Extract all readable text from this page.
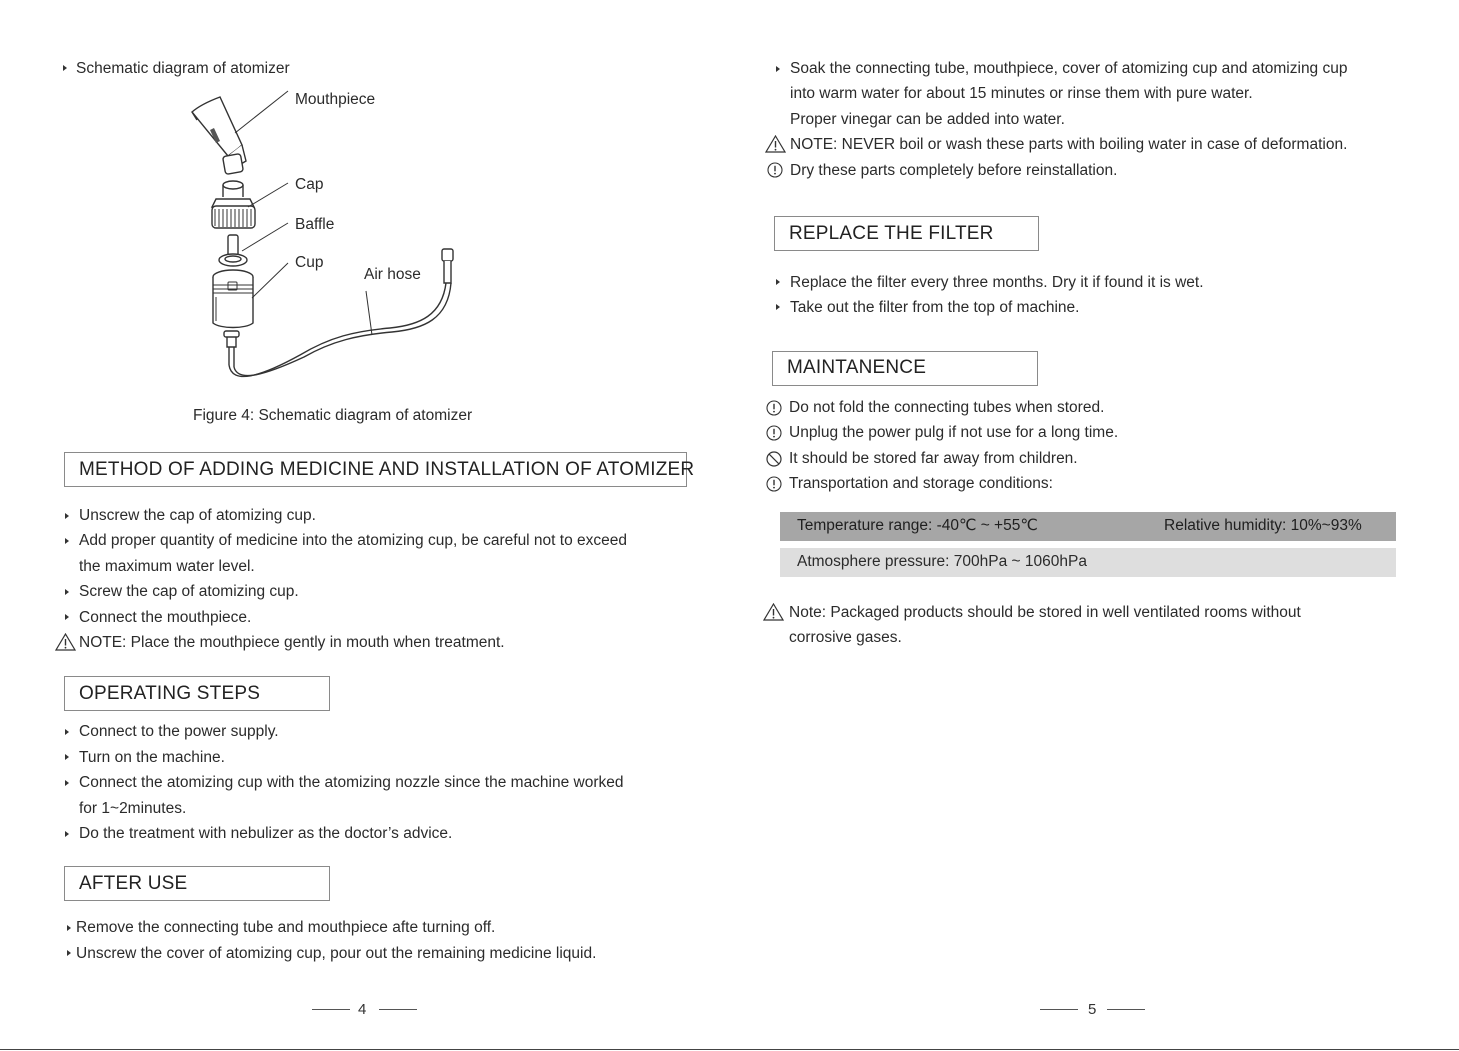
Schematic diagram of atomizer
Mouthpiece
Cap
Baffle
Cup
Air hose
Figure 4: Schematic diagram of atomizer
METHOD OF ADDING MEDICINE AND INSTALLATION OF ATOMIZER
Unscrew the cap of atomizing cup.
Add proper quantity of medicine into the atomizing cup, be careful not to exceed
the maximum water level.
Screw the cap of atomizing cup.
Connect the mouthpiece.
NOTE: Place the mouthpiece gently in mouth when treatment.
OPERATING STEPS
Connect to the power supply.
Turn on the machine.
Connect the atomizing cup with the atomizing nozzle since the machine worked
for 1~2minutes.
Do the treatment with nebulizer as the doctor’s advice.
AFTER USE
Remove the connecting tube and mouthpiece afte turning off.
Unscrew the cover of atomizing cup, pour out the remaining medicine liquid.
4
Soak the connecting tube, mouthpiece, cover of atomizing cup and atomizing cup
into warm water for about 15 minutes or rinse them with pure water.
Proper vinegar can be added into water.
NOTE: NEVER boil or wash these parts with boiling water in case of deformation.
Dry these parts completely before reinstallation.
REPLACE THE FILTER
Replace the filter every three months. Dry it if found it is wet.
Take out the filter from the top of machine.
MAINTANENCE
Do not fold the connecting tubes when stored.
Unplug the power pulg if not use for a long time.
It should be stored far away from children.
Transportation and storage conditions:
Temperature range: -40℃ ~ +55℃	Relative humidity: 10%~93%
Atmosphere pressure: 700hPa ~ 1060hPa
Note: Packaged products should be stored in well ventilated rooms without
corrosive gases.
5
